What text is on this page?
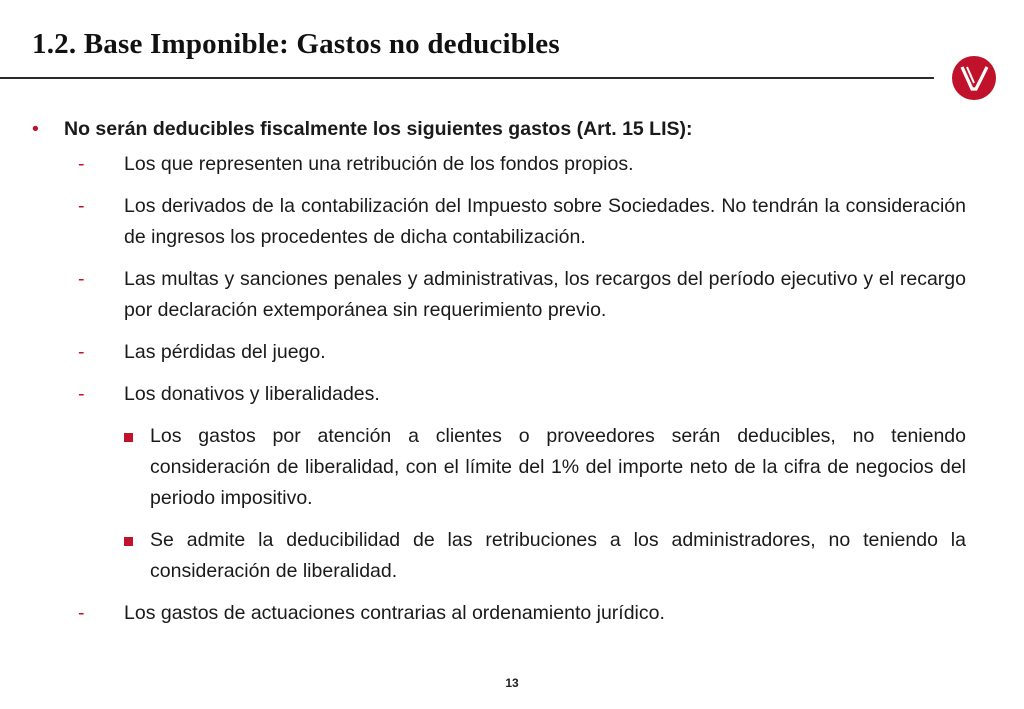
1.2. Base Imponible: Gastos no deducibles
•	No serán deducibles fiscalmente los siguientes gastos (Art. 15 LIS):
-	Los que representen una retribución de los fondos propios.
-	Los derivados de la contabilización del Impuesto sobre Sociedades. No tendrán la consideración de ingresos los procedentes de dicha contabilización.
-	Las multas y sanciones penales y administrativas, los recargos del período ejecutivo y el recargo por declaración extemporánea sin requerimiento previo.
-	Las pérdidas del juego.
-	Los donativos y liberalidades.
Los gastos por atención a clientes o proveedores serán deducibles, no teniendo consideración de liberalidad, con el límite del 1% del importe neto de la cifra de negocios del periodo impositivo.
Se admite la deducibilidad de las retribuciones a los administradores, no teniendo la consideración de liberalidad.
-	Los gastos de actuaciones contrarias al ordenamiento jurídico.
13
